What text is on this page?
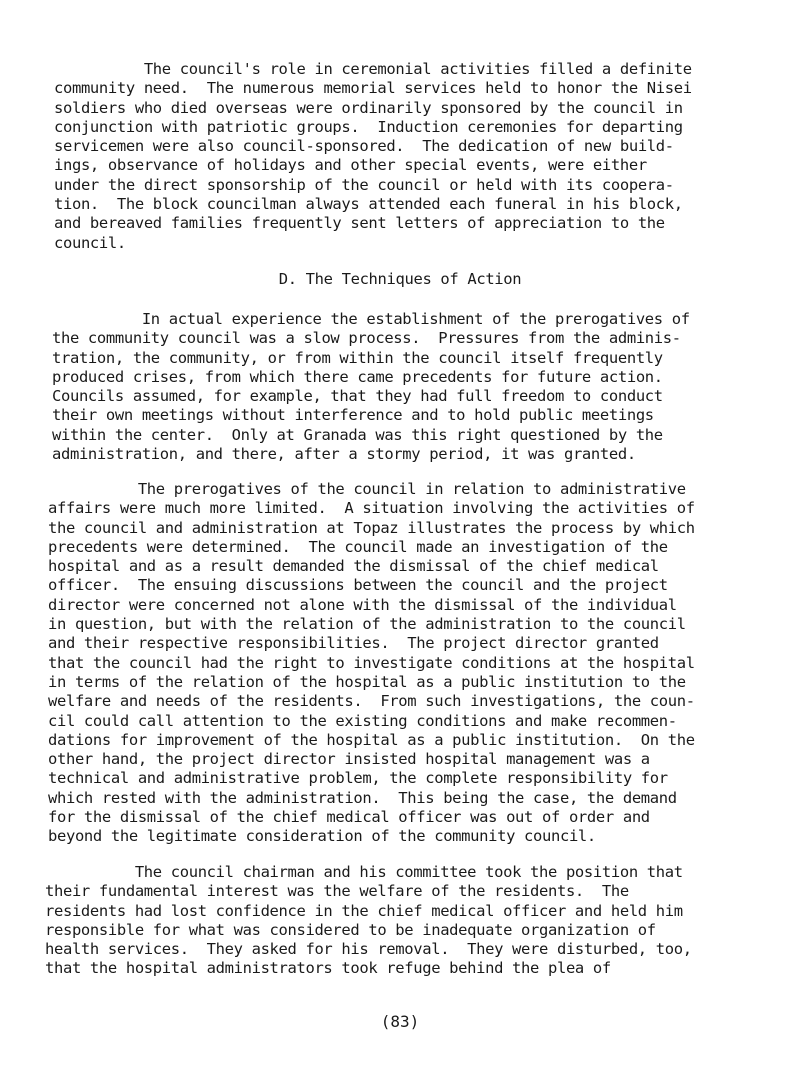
The council's role in ceremonial activities filled a definite
community need.  The numerous memorial services held to honor the Nisei
soldiers who died overseas were ordinarily sponsored by the council in
conjunction with patriotic groups.  Induction ceremonies for departing
servicemen were also council-sponsored.  The dedication of new build-
ings, observance of holidays and other special events, were either
under the direct sponsorship of the council or held with its coopera-
tion.  The block councilman always attended each funeral in his block,
and bereaved families frequently sent letters of appreciation to the
council.

D. The Techniques of Action

In actual experience the establishment of the prerogatives of
the community council was a slow process.  Pressures from the adminis-
tration, the community, or from within the council itself frequently
produced crises, from which there came precedents for future action.
Councils assumed, for example, that they had full freedom to conduct
their own meetings without interference and to hold public meetings
within the center.  Only at Granada was this right questioned by the
administration, and there, after a stormy period, it was granted.

The prerogatives of the council in relation to administrative
affairs were much more limited.  A situation involving the activities of
the council and administration at Topaz illustrates the process by which
precedents were determined.  The council made an investigation of the
hospital and as a result demanded the dismissal of the chief medical
officer.  The ensuing discussions between the council and the project
director were concerned not alone with the dismissal of the individual
in question, but with the relation of the administration to the council
and their respective responsibilities.  The project director granted
that the council had the right to investigate conditions at the hospital
in terms of the relation of the hospital as a public institution to the
welfare and needs of the residents.  From such investigations, the coun-
cil could call attention to the existing conditions and make recommen-
dations for improvement of the hospital as a public institution.  On the
other hand, the project director insisted hospital management was a
technical and administrative problem, the complete responsibility for
which rested with the administration.  This being the case, the demand
for the dismissal of the chief medical officer was out of order and
beyond the legitimate consideration of the community council.

The council chairman and his committee took the position that
their fundamental interest was the welfare of the residents.  The
residents had lost confidence in the chief medical officer and held him
responsible for what was considered to be inadequate organization of
health services.  They asked for his removal.  They were disturbed, too,
that the hospital administrators took refuge behind the plea of

(83)
